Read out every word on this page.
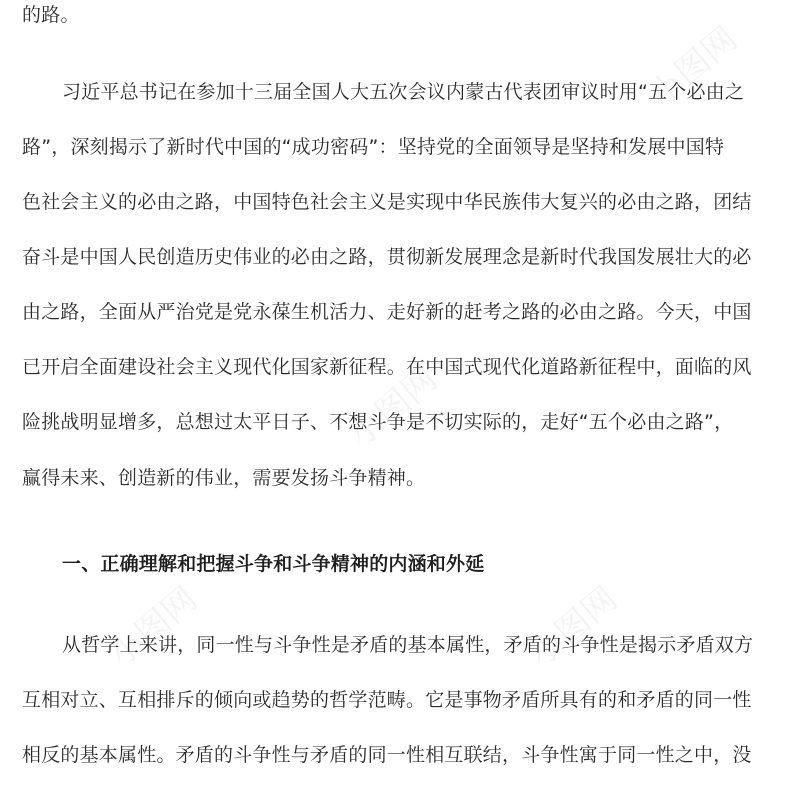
的路。
习近平总书记在参加十三届全国人大五次会议内蒙古代表团审议时用“五个必由之
路”，深刻揭示了新时代中国的“成功密码”：坚持党的全面领导是坚持和发展中国特
色社会主义的必由之路，中国特色社会主义是实现中华民族伟大复兴的必由之路，团结
奋斗是中国人民创造历史伟业的必由之路，贯彻新发展理念是新时代我国发展壮大的必
由之路，全面从严治党是党永葆生机活力、走好新的赶考之路的必由之路。今天，中国
已开启全面建设社会主义现代化国家新征程。在中国式现代化道路新征程中，面临的风
险挑战明显增多，总想过太平日子、不想斗争是不切实际的，走好“五个必由之路”，
赢得未来、创造新的伟业，需要发扬斗争精神。
一、正确理解和把握斗争和斗争精神的内涵和外延
从哲学上来讲，同一性与斗争性是矛盾的基本属性，矛盾的斗争性是揭示矛盾双方
互相对立、互相排斥的倾向或趋势的哲学范畴。它是事物矛盾所具有的和矛盾的同一性
相反的基本属性。矛盾的斗争性与矛盾的同一性相互联结，斗争性寓于同一性之中，没
小图网
小图网	小图网
小图网
